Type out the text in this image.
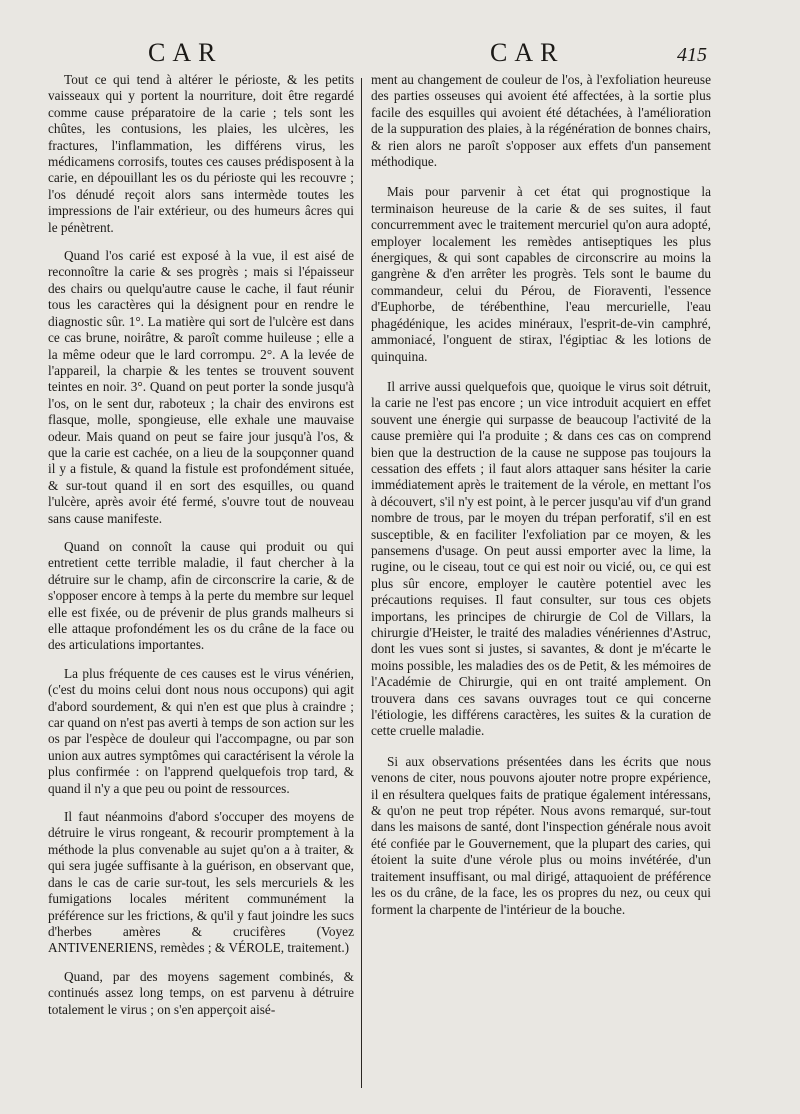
CAR	CAR	415

Tout ce qui tend à altérer le périoste, & les petits vaisseaux qui y portent la nourriture, doit être regardé comme cause préparatoire de la carie ; tels sont les chûtes, les contusions, les plaies, les ulcères, les fractures, l'inflammation, les différens virus, les médicamens corrosifs, toutes ces causes prédisposent à la carie, en dépouillant les os du périoste qui les recouvre ; l'os dénudé reçoit alors sans intermède toutes les impressions de l'air extérieur, ou des humeurs âcres qui le pénètrent.

Quand l'os carié est exposé à la vue, il est aisé de reconnoître la carie & ses progrès ; mais si l'épaisseur des chairs ou quelqu'autre cause le cache, il faut réunir tous les caractères qui la désignent pour en rendre le diagnostic sûr. 1°. La matière qui sort de l'ulcère est dans ce cas brune, noirâtre, & paroît comme huileuse ; elle a la même odeur que le lard corrompu. 2°. A la levée de l'appareil, la charpie & les tentes se trouvent souvent teintes en noir. 3°. Quand on peut porter la sonde jusqu'à l'os, on le sent dur, raboteux ; la chair des environs est flasque, molle, spongieuse, elle exhale une mauvaise odeur. Mais quand on peut se faire jour jusqu'à l'os, & que la carie est cachée, on a lieu de la soupçonner quand il y a fistule, & quand la fistule est profondément située, & sur-tout quand il en sort des esquilles, ou quand l'ulcère, après avoir été fermé, s'ouvre tout de nouveau sans cause manifeste.

Quand on connoît la cause qui produit ou qui entretient cette terrible maladie, il faut chercher à la détruire sur le champ, afin de circonscrire la carie, & de s'opposer encore à temps à la perte du membre sur lequel elle est fixée, ou de prévenir de plus grands malheurs si elle attaque profondément les os du crâne de la face ou des articulations importantes.

La plus fréquente de ces causes est le virus vénérien, (c'est du moins celui dont nous nous occupons) qui agit d'abord sourdement, & qui n'en est que plus à craindre ; car quand on n'est pas averti à temps de son action sur les os par l'espèce de douleur qui l'accompagne, ou par son union aux autres symptômes qui caractérisent la vérole la plus confirmée : on l'apprend quelquefois trop tard, & quand il n'y a que peu ou point de ressources.

Il faut néanmoins d'abord s'occuper des moyens de détruire le virus rongeant, & recourir promptement à la méthode la plus convenable au sujet qu'on a à traiter, & qui sera jugée suffisante à la guérison, en observant que, dans le cas de carie sur-tout, les sels mercuriels & les fumigations locales méritent communément la préférence sur les frictions, & qu'il y faut joindre les sucs d'herbes amères & crucifères (Voyez ANTIVENERIENS, remèdes ; & VÉROLE, traitement.)

Quand, par des moyens sagement combinés, & continués assez long temps, on est parvenu à détruire totalement le virus ; on s'en apperçoit aisé-

ment au changement de couleur de l'os, à l'exfoliation heureuse des parties osseuses qui avoient été affectées, à la sortie plus facile des esquilles qui avoient été détachées, à l'amélioration de la suppuration des plaies, à la régénération de bonnes chairs, & rien alors ne paroît s'opposer aux effets d'un pansement méthodique.

Mais pour parvenir à cet état qui prognostique la terminaison heureuse de la carie & de ses suites, il faut concurremment avec le traitement mercuriel qu'on aura adopté, employer localement les remèdes antiseptiques les plus énergiques, & qui sont capables de circonscrire au moins la gangrène & d'en arrêter les progrès. Tels sont le baume du commandeur, celui du Pérou, de Fioraventi, l'essence d'Euphorbe, de térébenthine, l'eau mercurielle, l'eau phagédénique, les acides minéraux, l'esprit-de-vin camphré, ammoniacé, l'onguent de stirax, l'égiptiac & les lotions de quinquina.

Il arrive aussi quelquefois que, quoique le virus soit détruit, la carie ne l'est pas encore ; un vice introduit acquiert en effet souvent une énergie qui surpasse de beaucoup l'activité de la cause première qui l'a produite ; & dans ces cas on comprend bien que la destruction de la cause ne suppose pas toujours la cessation des effets ; il faut alors attaquer sans hésiter la carie immédiatement après le traitement de la vérole, en mettant l'os à découvert, s'il n'y est point, à le percer jusqu'au vif d'un grand nombre de trous, par le moyen du trépan perforatif, s'il en est susceptible, & en faciliter l'exfoliation par ce moyen, & les pansemens d'usage. On peut aussi emporter avec la lime, la rugine, ou le ciseau, tout ce qui est noir ou vicié, ou, ce qui est plus sûr encore, employer le cautère potentiel avec les précautions requises. Il faut consulter, sur tous ces objets importans, les principes de chirurgie de Col de Villars, la chirurgie d'Heister, le traité des maladies vénériennes d'Astruc, dont les vues sont si justes, si savantes, & dont je m'écarte le moins possible, les maladies des os de Petit, & les mémoires de l'Académie de Chirurgie, qui en ont traité amplement. On trouvera dans ces savans ouvrages tout ce qui concerne l'étiologie, les différens caractères, les suites & la curation de cette cruelle maladie.

Si aux observations présentées dans les écrits que nous venons de citer, nous pouvons ajouter notre propre expérience, il en résultera quelques faits de pratique également intéressans, & qu'on ne peut trop répéter. Nous avons remarqué, sur-tout dans les maisons de santé, dont l'inspection générale nous avoit été confiée par le Gouvernement, que la plupart des caries, qui étoient la suite d'une vérole plus ou moins invétérée, d'un traitement insuffisant, ou mal dirigé, attaquoient de préférence les os du crâne, de la face, les os propres du nez, ou ceux qui forment la charpente de l'intérieur de la bouche.
